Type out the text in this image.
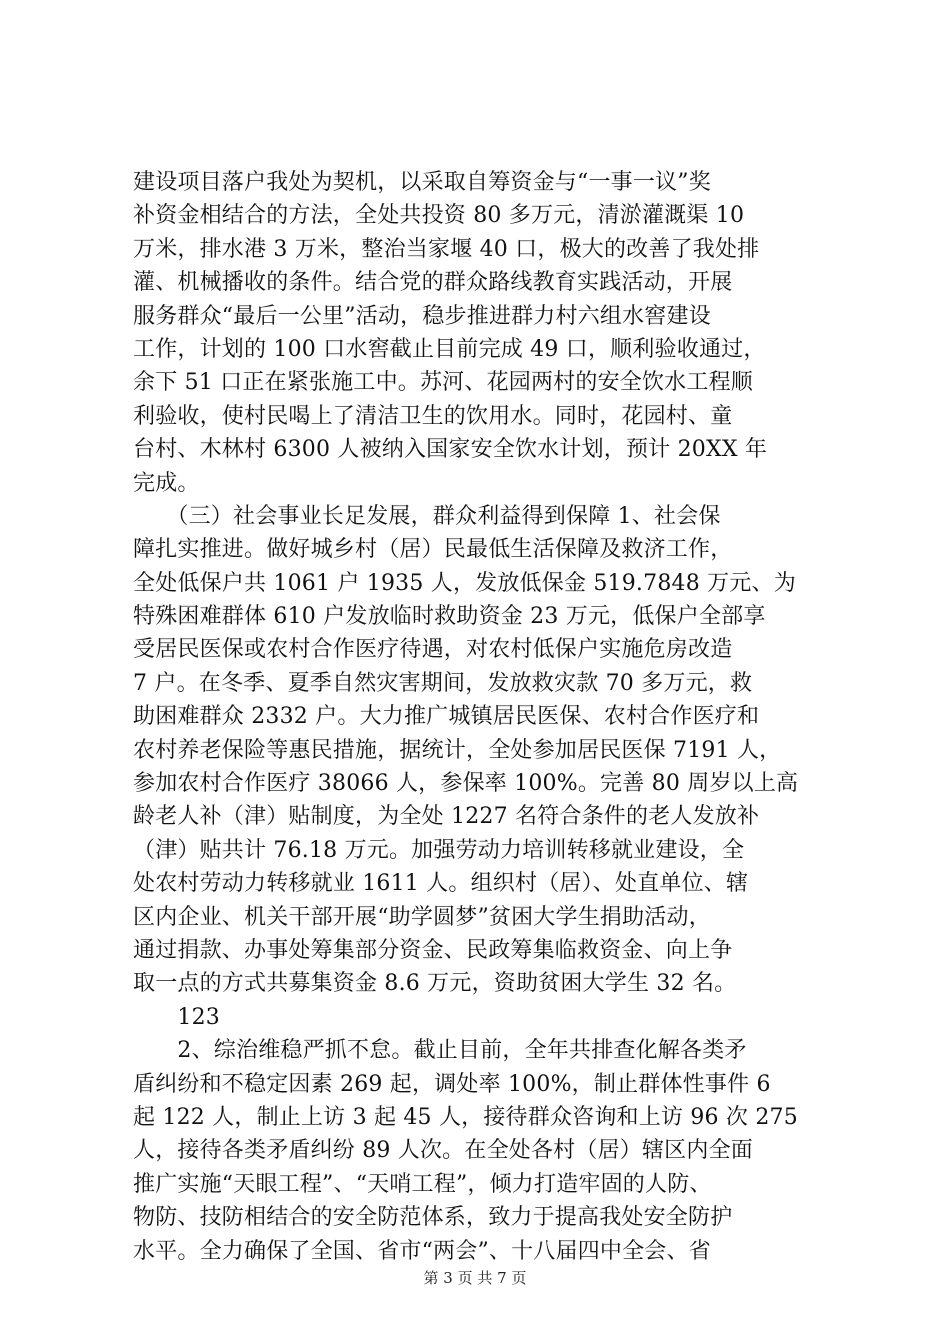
建设项目落户我处为契机，以采取自筹资金与“一事一议”奖
补资金相结合的方法，全处共投资 80 多万元，清淤灌溉渠 10
万米，排水港 3 万米，整治当家堰 40 口，极大的改善了我处排
灌、机械播收的条件。结合党的群众路线教育实践活动，开展
服务群众“最后一公里”活动，稳步推进群力村六组水窖建设
工作，计划的 100 口水窖截止目前完成 49 口，顺利验收通过，
余下 51 口正在紧张施工中。苏河、花园两村的安全饮水工程顺
利验收，使村民喝上了清洁卫生的饮用水。同时，花园村、童
台村、木林村 6300 人被纳入国家安全饮水计划，预计 20XX 年
完成。
　　（三）社会事业长足发展，群众利益得到保障 1、社会保
障扎实推进。做好城乡村（居）民最低生活保障及救济工作，
全处低保户共 1061 户 1935 人，发放低保金 519.7848 万元、为
特殊困难群体 610 户发放临时救助资金 23 万元，低保户全部享
受居民医保或农村合作医疗待遇，对农村低保户实施危房改造
7 户。在冬季、夏季自然灾害期间，发放救灾款 70 多万元，救
助困难群众 2332 户。大力推广城镇居民医保、农村合作医疗和
农村养老保险等惠民措施，据统计，全处参加居民医保 7191 人，
参加农村合作医疗 38066 人，参保率 100%。完善 80 周岁以上高
龄老人补（津）贴制度，为全处 1227 名符合条件的老人发放补
（津）贴共计 76.18 万元。加强劳动力培训转移就业建设，全
处农村劳动力转移就业 1611 人。组织村（居）、处直单位、辖
区内企业、机关干部开展“助学圆梦”贫困大学生捐助活动，
通过捐款、办事处筹集部分资金、民政筹集临救资金、向上争
取一点的方式共募集资金 8.6 万元，资助贫困大学生 32 名。
　　123
　　2、综治维稳严抓不怠。截止目前，全年共排查化解各类矛
盾纠纷和不稳定因素 269 起，调处率 100%，制止群体性事件 6
起 122 人，制止上访 3 起 45 人，接待群众咨询和上访 96 次 275
人，接待各类矛盾纠纷 89 人次。在全处各村（居）辖区内全面
推广实施“天眼工程”、“天哨工程”，倾力打造牢固的人防、
物防、技防相结合的安全防范体系，致力于提高我处安全防护
水平。全力确保了全国、省市“两会”、十八届四中全会、省
第 3 页 共 7 页
